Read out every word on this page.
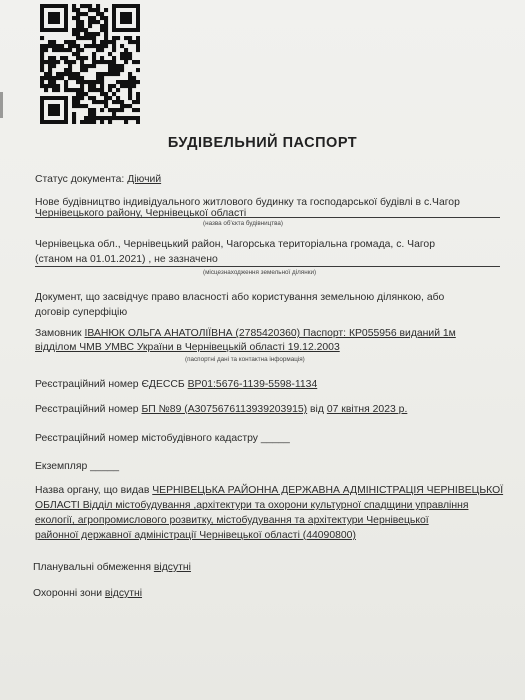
БУДІВЕЛЬНИЙ ПАСПОРТ
Статус документа: Діючий
Нове будівництво індивідуального житлового будинку та господарської будівлі в с.Чагор
Чернівецького району, Чернівецької області
(назва об'єкта будівництва)
Чернівецька обл., Чернівецький район, Чагорська територіальна громада, с. Чагор
(станом на 01.01.2021) , не зазначено
(місцезнаходження земельної ділянки)
Документ, що засвідчує право власності або користування земельною ділянкою, або
договір суперфіцію
Замовник ІВАНЮК ОЛЬГА АНАТОЛІЇВНА (2785420360) Паспорт: КР055956 виданий 1м
відділом ЧМВ УМВС України в Чернівецькій області 19.12.2003
(паспортні дані та контактна інформація)
Реєстраційний номер ЄДЕССБ ВР01:5676-1139-5598-1134
Реєстраційний номер БП №89 (А3075676113939203915) від 07 квітня 2023 р.
Реєстраційний номер містобудівного кадастру _____
Екземпляр _____
Назва органу, що видав ЧЕРНІВЕЦЬКА РАЙОННА ДЕРЖАВНА АДМІНІСТРАЦІЯ ЧЕРНІВЕЦЬКОЇ
ОБЛАСТІ Відділ містобудування ,архітектури та охорони культурної спадщини управління
екології, агропромислового розвитку, містобудування та архітектури Чернівецької
районної державної адміністрації Чернівецької області (44090800)
Планувальні обмеження відсутні
Охоронні зони відсутні
